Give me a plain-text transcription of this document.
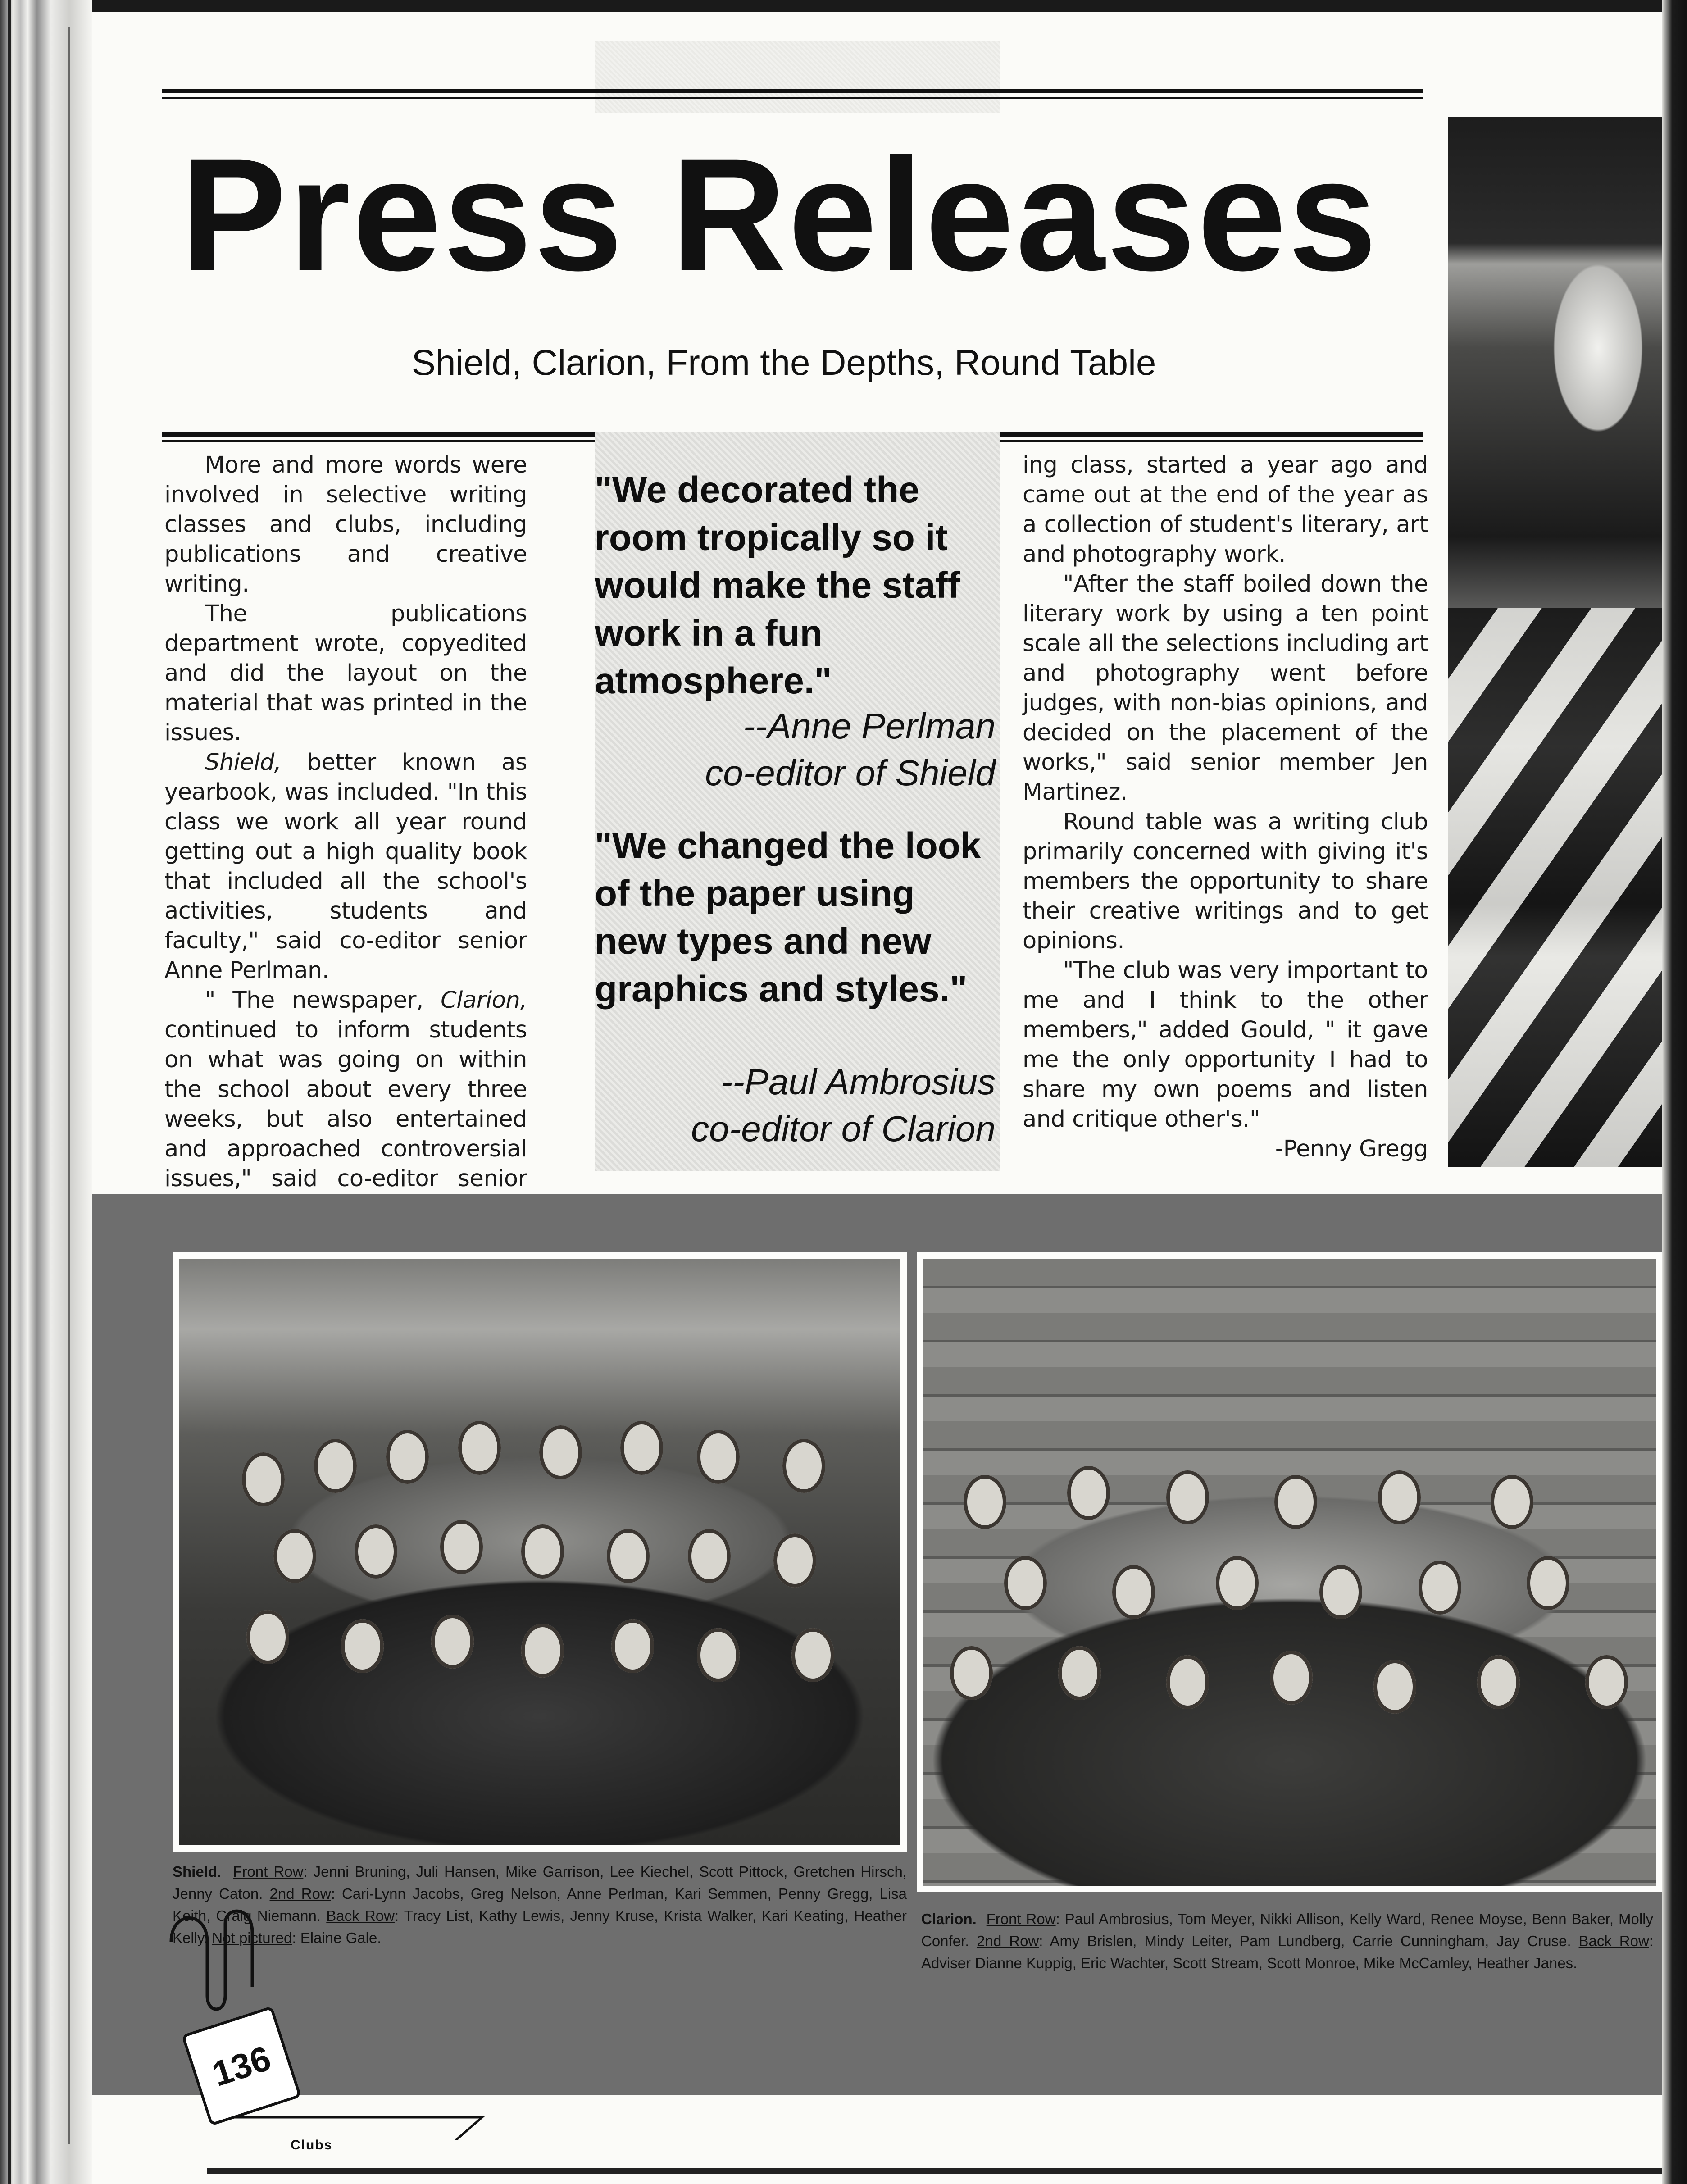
Press Releases
Shield, Clarion, From the Depths, Round Table

More and more words were involved in selective writing classes and clubs, including publications and creative writing.

The publications department wrote, copyedited and did the layout on the material that was printed in the issues.

Shield, better known as yearbook, was included. "In this class we work all year round getting out a high quality book that included all the school's activities, students and faculty," said co-editor senior Anne Perlman.

" The newspaper, Clarion, continued to inform students on what was going on within the school about every three weeks, but also entertained and approached controversial issues," said co-editor senior

"We decorated the room tropically so it would make the staff work in a fun atmosphere."
--Anne Perlman
co-editor of Shield
"We changed the look of the paper using new types and new graphics and styles."
--Paul Ambrosius
co-editor of Clarion

ing class, started a year ago and came out at the end of the year as a collection of student's literary, art and photography work.

"After the staff boiled down the literary work by using a ten point scale all the selections including art and photography went before judges, with non-bias opinions, and decided on the placement of the works," said senior member Jen Martinez.

Round table was a writing club primarily concerned with giving it's members the opportunity to share their creative writings and to get opinions.

"The club was very important to me and I think to the other members," added Gould, " it gave me the only opportunity I had to share my own poems and listen and critique other's."

-Penny Gregg

Shield. Front Row: Jenni Bruning, Juli Hansen, Mike Garrison, Lee Kiechel, Scott Pittock, Gretchen Hirsch, Jenny Caton. 2nd Row: Cari-Lynn Jacobs, Greg Nelson, Anne Perlman, Kari Semmen, Penny Gregg, Lisa Keith, Craig Niemann. Back Row: Tracy List, Kathy Lewis, Jenny Kruse, Krista Walker, Kari Keating, Heather Kelly. Not pictured: Elaine Gale.
Clarion. Front Row: Paul Ambrosius, Tom Meyer, Nikki Allison, Kelly Ward, Renee Moyse, Benn Baker, Molly Confer. 2nd Row: Amy Brislen, Mindy Leiter, Pam Lundberg, Carrie Cunningham, Jay Cruse. Back Row: Adviser Dianne Kuppig, Eric Wachter, Scott Stream, Scott Monroe, Mike McCamley, Heather Janes.
136
Clubs
